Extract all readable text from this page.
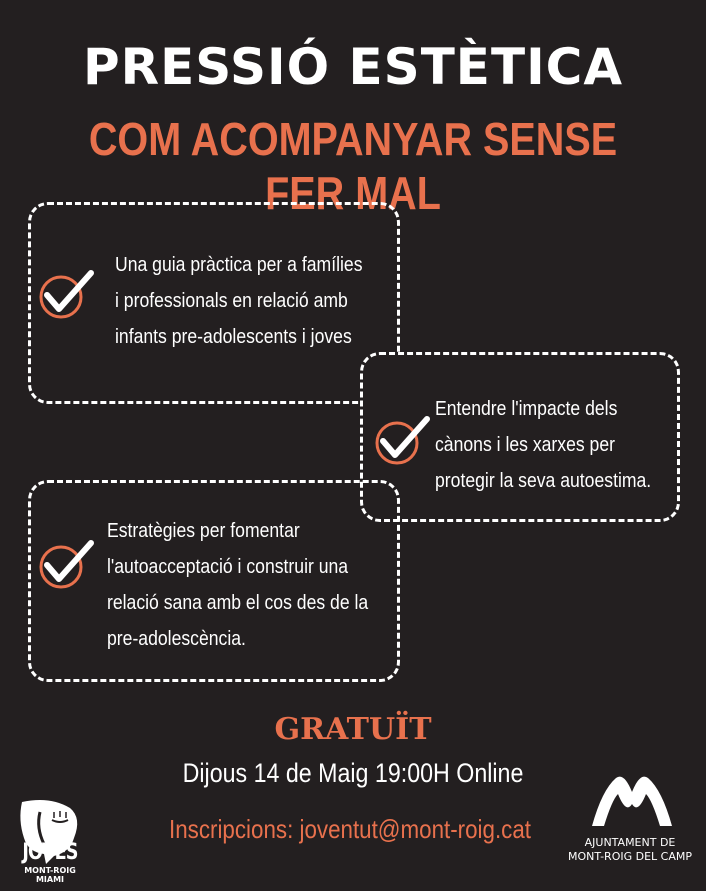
PRESSIÓ ESTÈTICA
COM ACOMPANYAR SENSE FER MAL
Una guia pràctica per a famílies
i professionals en relació amb
infants pre-adolescents i joves
Entendre l'impacte dels
cànons i les xarxes per
protegir la seva autoestima.
Estratègies per fomentar
l'autoacceptació i construir una
relació sana amb el cos des de la
pre-adolescència.

GRATUÏT

Dijous 14 de Maig 19:00H Online

Inscripcions: joventut@mont-roig.cat

JOVES
MONT-ROIG MIAMI
AJUNTAMENT DE
MONT-ROIG DEL CAMP
